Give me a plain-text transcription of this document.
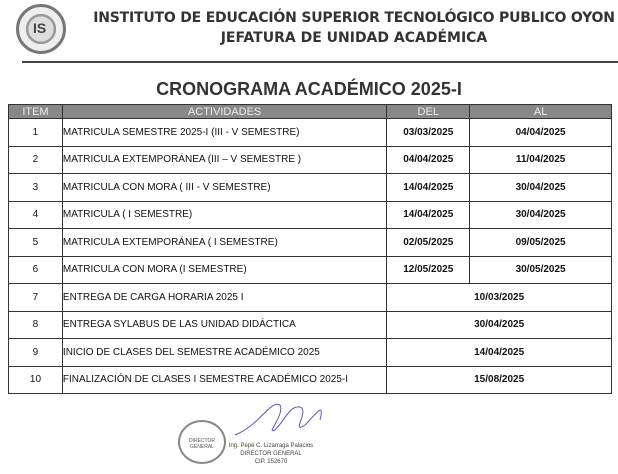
IS
INSTITUTO DE EDUCACIÓN SUPERIOR TECNOLÓGICO PUBLICO OYON
JEFATURA DE UNIDAD ACADÉMICA
CRONOGRAMA ACADÉMICO 2025-I
ITEM	ACTIVIDADES	DEL	AL
1	MATRICULA SEMESTRE 2025-I (III - V SEMESTRE)	03/03/2025	04/04/2025
2	MATRICULA EXTEMPORÁNEA (III – V SEMESTRE )	04/04/2025	11/04/2025
3	MATRICULA CON MORA ( III - V SEMESTRE)	14/04/2025	30/04/2025
4	MATRICULA ( I SEMESTRE)	14/04/2025	30/04/2025
5	MATRICULA EXTEMPORÁNEA ( I SEMESTRE)	02/05/2025	09/05/2025
6	MATRICULA CON MORA (I SEMESTRE)	12/05/2025	30/05/2025
7	ENTREGA DE CARGA HORARIA 2025 I	10/03/2025	
8	ENTREGA SYLABUS DE LAS UNIDAD DIDÁCTICA	30/04/2025	
9	INICIO DE CLASES DEL SEMESTRE ACADÉMICO 2025	14/04/2025	
10	FINALIZACIÓN DE CLASES I SEMESTRE ACADÉMICO 2025-I	15/08/2025	
DIRECTOR GENERAL	Ing. Pepe C. Lizarraga Palacios
DIRECTOR GENERAL
CIP. 152670
